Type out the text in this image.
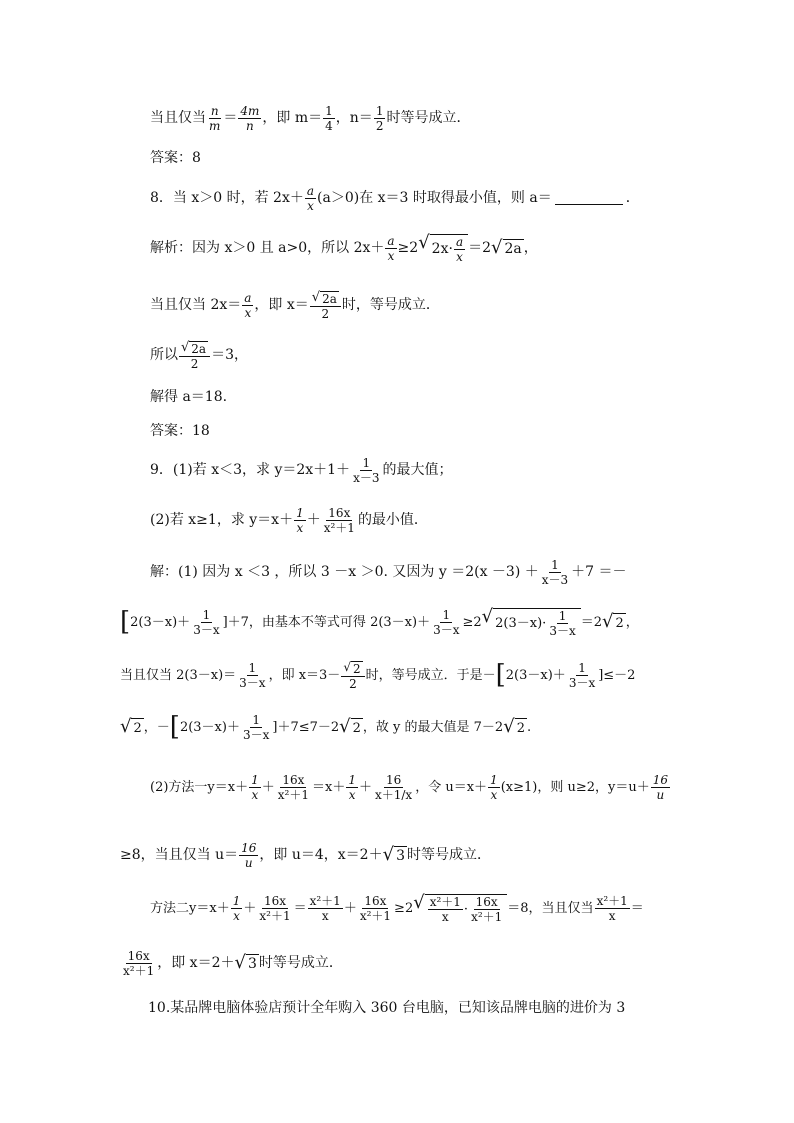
当且仅当 $\frac{n}{m} = \frac{4m}{n}$ ，即 $m= \frac{1}{4}$ ，$n= \frac{1}{2}$ 时等号成立．
答案：8
8．当 x＞0 时，若 $2x+ \frac{a}{x} (a>0)$在 x＝3 时取得最小值，则 a＝	．
解析：因为 x＞0 且 a>0，所以 $2x+ \frac{a}{x} \ge 2$ √ $2x\cdot \frac{a}{x} =2$ √ 2a ，
当且仅当 $2x= \frac{a}{x}$ ，即 $x= \frac{√ 2a}{2}$ 时，等号成立．
所以 $\frac{√ 2a}{2} =3$，
解得 a＝18.
答案：18
9．(1)若 x＜3，求 $y=2x+1+ \frac{1}{x-3}$ 的最大值；
(2)若 x≥1，求 $y=x+ \frac{1}{x} + \frac{16x}{\text{x²＋1}}$ 的最小值．
解：(1) 因为 x ＜3 ，所以 3 －x ＞0. 又因为 $y =2(x -3) + \frac{1}{x-3} +7$ ＝－
[ $2(3-x)+ \frac{1}{3-x} ]+7$，由基本不等式可得 $2(3-x)+ \frac{1}{3-x} \ge 2$ √ $2(3-x)\cdot \frac{1}{3-x} =2$ √ 2 ，
当且仅当 $2(3-x)= \frac{1}{3-x}$ ，即 $x=3- \frac{√ 2}{2}$ 时，等号成立．于是－ [ $2(3-x)+ \frac{1}{3-x} ]\le-2$
√ 2 ，－ [ $2(3-x)+ \frac{1}{3-x} ]+7\le 7-2$ √ 2 ，故 y 的最大值是 7－2 √ 2 .
(2)方法一 $y=x+ \frac{1}{x} + \frac{16x}{\text{x²＋1}} =x+ \frac{1}{x} + \frac{16}{x+1/x}$ ，令 $u=x+ \frac{1}{x} (x\ge 1)$，则 u≥2，$y=u+ \frac{16}{u}$
≥8，当且仅当 $u= \frac{16}{u}$ ，即 u＝4，x＝2＋ √ 3 时等号成立．
方法二 $y=x+ \frac{1}{x} + \frac{16x}{\text{x²＋1}} = \frac{\text{x²＋1}}{x} + \frac{16x}{\text{x²＋1}} \ge 2$ √ $\frac{\text{x²＋1}}{x} \cdot \frac{16x}{\text{x²＋1}} =8$，当且仅当 $\frac{\text{x²＋1}}{x}$ ＝
$\frac{16x}{\text{x²＋1}}$ ，即 x＝2＋ √ 3 时等号成立．
10.某品牌电脑体验店预计全年购入 360 台电脑，已知该品牌电脑的进价为 3
